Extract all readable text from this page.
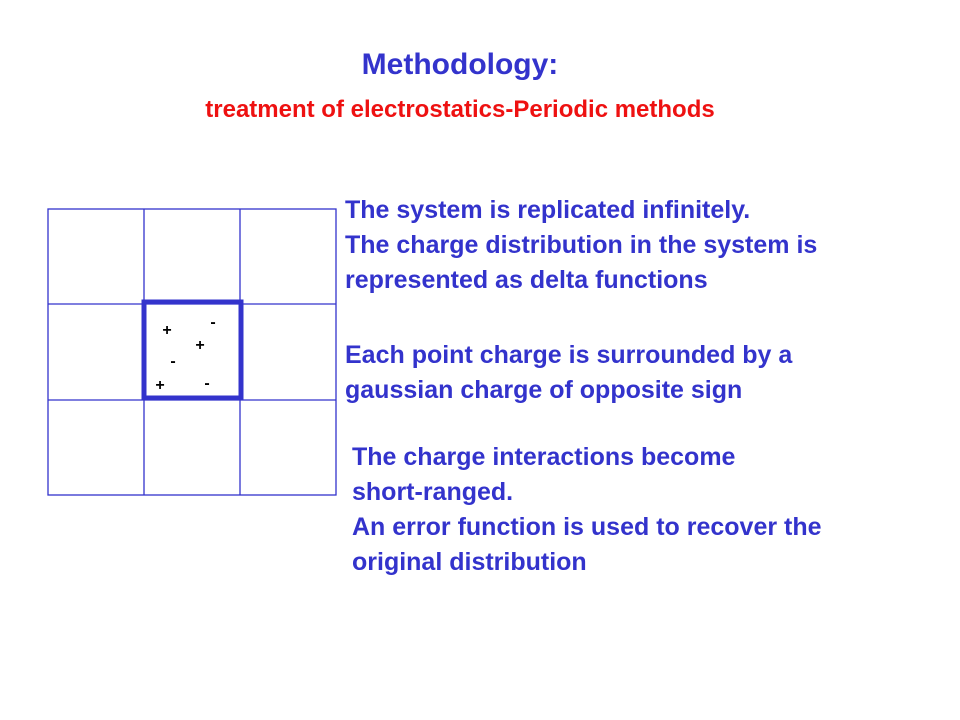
Methodology:
treatment of electrostatics-Periodic methods
+ -
+
-
+ -
The system is replicated infinitely.
The charge distribution in the system is
represented as delta functions
Each point charge is surrounded by a
gaussian charge of opposite sign
The charge interactions become
short-ranged.
An error function is used to recover the
original distribution
